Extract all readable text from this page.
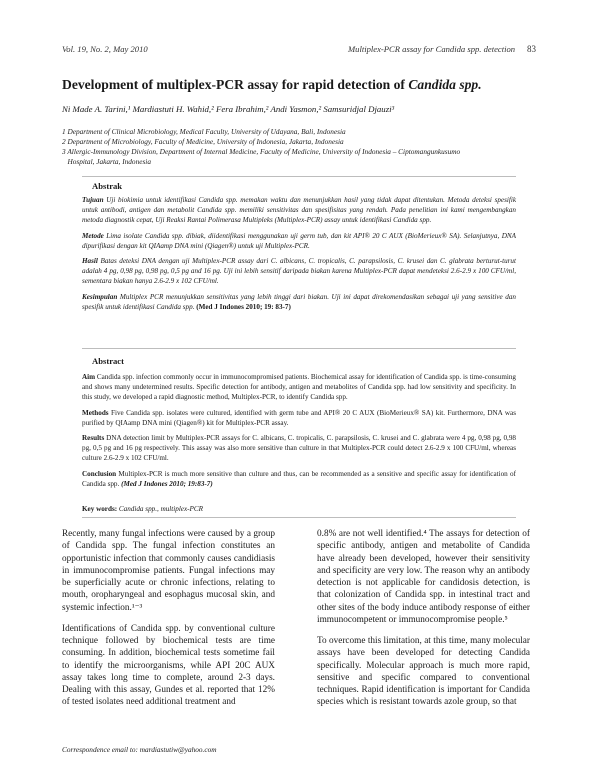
Vol. 19, No. 2, May 2010	Multiplex-PCR assay for Candida spp. detection 83
Development of multiplex-PCR assay for rapid detection of Candida spp.
Ni Made A. Tarini,¹ Mardiastuti H. Wahid,² Fera Ibrahim,² Andi Yasmon,² Samsuridjal Djauzi³
1 Department of Clinical Microbiology, Medical Faculty, University of Udayana, Bali, Indonesia
2 Department of Microbiology, Faculty of Medicine, University of Indonesia, Jakarta, Indonesia
3 Allergic-Immunology Division, Department of Internal Medicine, Faculty of Medicine, University of Indonesia – Ciptomangunkusumo
Hospital, Jakarta, Indonesia
Abstrak

Tujuan Uji biokimia untuk identifikasi Candida spp. memakan waktu dan menunjukkan hasil yang tidak dapat ditentukan. Metoda deteksi spesifik untuk antibodi, antigen dan metabolit Candida spp. memiliki sensitivitas dan spesifisitas yang rendah. Pada penelitian ini kami mengembangkan metoda diagnostik cepat, Uji Reaksi Rantai Polimerasa Multipleks (Multiplex-PCR) assay untuk identifikasi Candida spp.

Metode Lima isolate Candida spp. dibiak, diidentifikasi menggunakan uji germ tub, dan kit API® 20 C AUX (BioMerieux® SA). Selanjutnya, DNA dipurifikasi dengan kit QIAamp DNA mini (Qiagen®) untuk uji Multiplex-PCR.

Hasil Batas deteksi DNA dengan uji Multiplex-PCR assay dari C. albicans, C. tropicalis, C. parapsilosis, C. krusei dan C. glabrata berturut-turut adalah 4 pg, 0,98 pg, 0,98 pg, 0,5 pg and 16 pg. Uji ini lebih sensitif daripada biakan karena Multiplex-PCR dapat mendeteksi 2.6-2.9 x 100 CFU/ml, sementara biakan hanya 2.6-2.9 x 102 CFU/ml.

Kesimpulan Multiplex PCR menunjukkan sensitivitas yang lebih tinggi dari biakan. Uji ini dapat direkomendasikan sebagai uji yang sensitive dan spesifik untuk identifikasi Candida spp. (Med J Indones 2010; 19: 83-7)

Abstract

Aim Candida spp. infection commonly occur in immunocompromised patients. Biochemical assay for identification of Candida spp. is time-consuming and shows many undetermined results. Specific detection for antibody, antigen and metabolites of Candida spp. had low sensitivity and specificity. In this study, we developed a rapid diagnostic method, Multiplex-PCR, to identify Candida spp.

Methods Five Candida spp. isolates were cultured, identified with germ tube and API® 20 C AUX (BioMerieux® SA) kit. Furthermore, DNA was purified by QIAamp DNA mini (Qiagen®) kit for Multiplex-PCR assay.

Results DNA detection limit by Multiplex-PCR assays for C. albicans, C. tropicalis, C. parapsilosis, C. krusei and C. glabrata were 4 pg, 0,98 pg, 0,98 pg, 0,5 pg and 16 pg respectively. This assay was also more sensitive than culture in that Multiplex-PCR could detect 2.6-2.9 x 100 CFU/ml, whereas culture 2.6-2.9 x 102 CFU/ml.

Conclusion Multiplex-PCR is much more sensitive than culture and thus, can be recommended as a sensitive and specific assay for identification of Candida spp. (Med J Indones 2010; 19:83-7)

Key words: Candida spp., multiplex-PCR

Recently, many fungal infections were caused by a group of Candida spp. The fungal infection constitutes an opportunistic infection that commonly causes candidiasis in immunocompromise patients. Fungal infections may be superficially acute or chronic infections, relating to mouth, oropharyngeal and esophagus mucosal skin, and systemic infection.¹⁻³

Identifications of Candida spp. by conventional culture technique followed by biochemical tests are time consuming. In addition, biochemical tests sometime fail to identify the microorganisms, while API 20C AUX assay takes long time to complete, around 2-3 days. Dealing with this assay, Gundes et al. reported that 12% of tested isolates need additional treatment and

0.8% are not well identified.⁴ The assays for detection of specific antibody, antigen and metabolite of Candida have already been developed, however their sensitivity and specificity are very low. The reason why an antibody detection is not applicable for candidosis detection, is that colonization of Candida spp. in intestinal tract and other sites of the body induce antibody response of either immunocompetent or immunocompromise people.⁵

To overcome this limitation, at this time, many molecular assays have been developed for detecting Candida specifically. Molecular approach is much more rapid, sensitive and specific compared to conventional techniques. Rapid identification is important for Candida species which is resistant towards azole group, so that

Correspondence email to: mardiastutiw@yahoo.com
